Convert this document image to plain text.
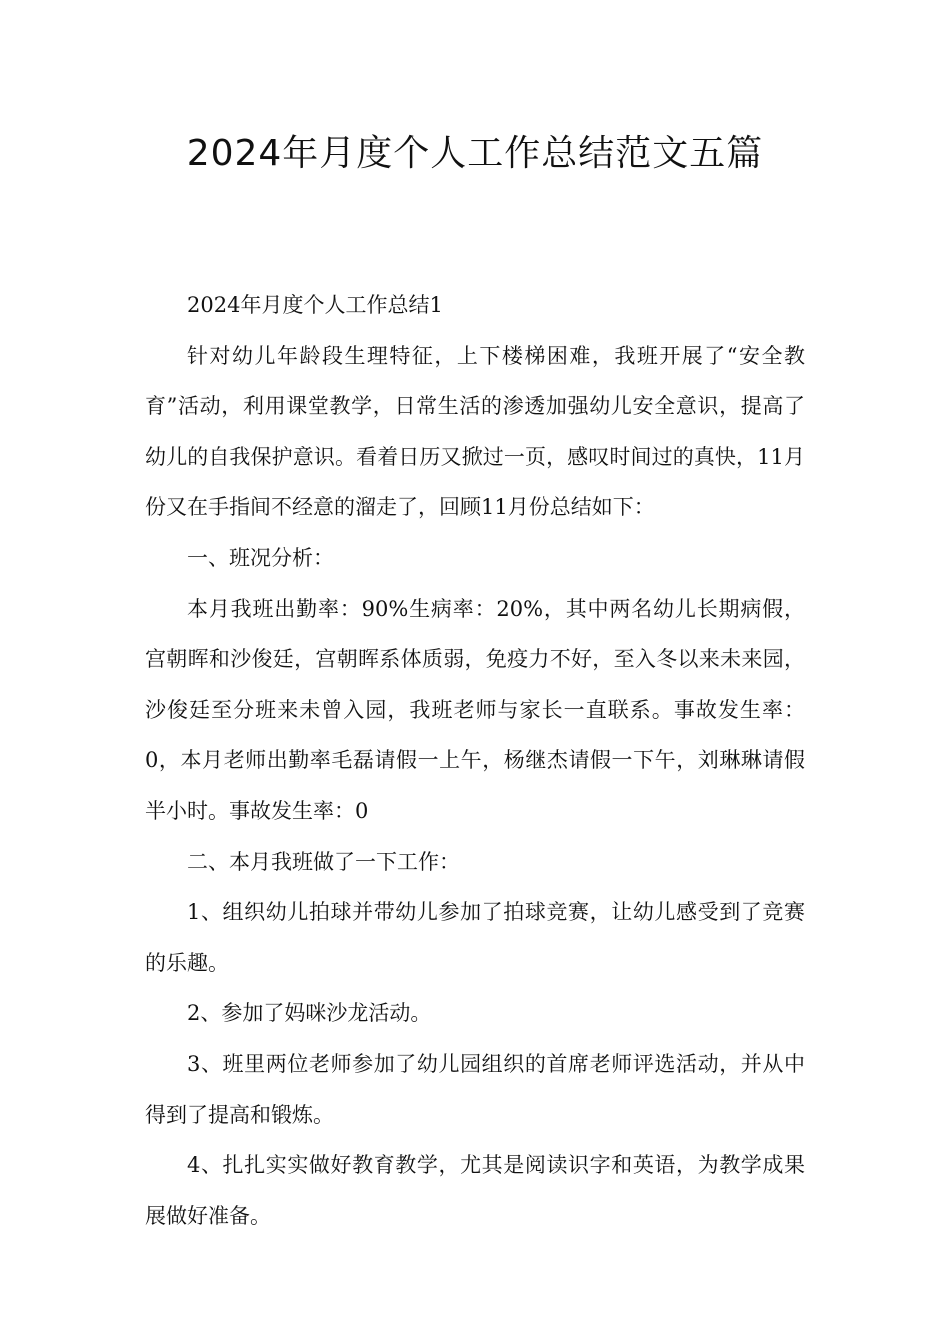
2024年月度个人工作总结范文五篇

2024年月度个人工作总结1

针对幼儿年龄段生理特征，上下楼梯困难，我班开展了“安全教育”活动，利用课堂教学，日常生活的渗透加强幼儿安全意识，提高了幼儿的自我保护意识。看着日历又掀过一页，感叹时间过的真快，11月份又在手指间不经意的溜走了，回顾11月份总结如下：

一、班况分析：

本月我班出勤率：90%生病率：20%，其中两名幼儿长期病假，宫朝晖和沙俊廷，宫朝晖系体质弱，免疫力不好，至入冬以来未来园，沙俊廷至分班来未曾入园，我班老师与家长一直联系。事故发生率：0，本月老师出勤率毛磊请假一上午，杨继杰请假一下午，刘琳琳请假半小时。事故发生率：0

二、本月我班做了一下工作：

1、组织幼儿拍球并带幼儿参加了拍球竞赛，让幼儿感受到了竞赛的乐趣。

2、参加了妈咪沙龙活动。

3、班里两位老师参加了幼儿园组织的首席老师评选活动，并从中得到了提高和锻炼。

4、扎扎实实做好教育教学，尤其是阅读识字和英语，为教学成果展做好准备。
